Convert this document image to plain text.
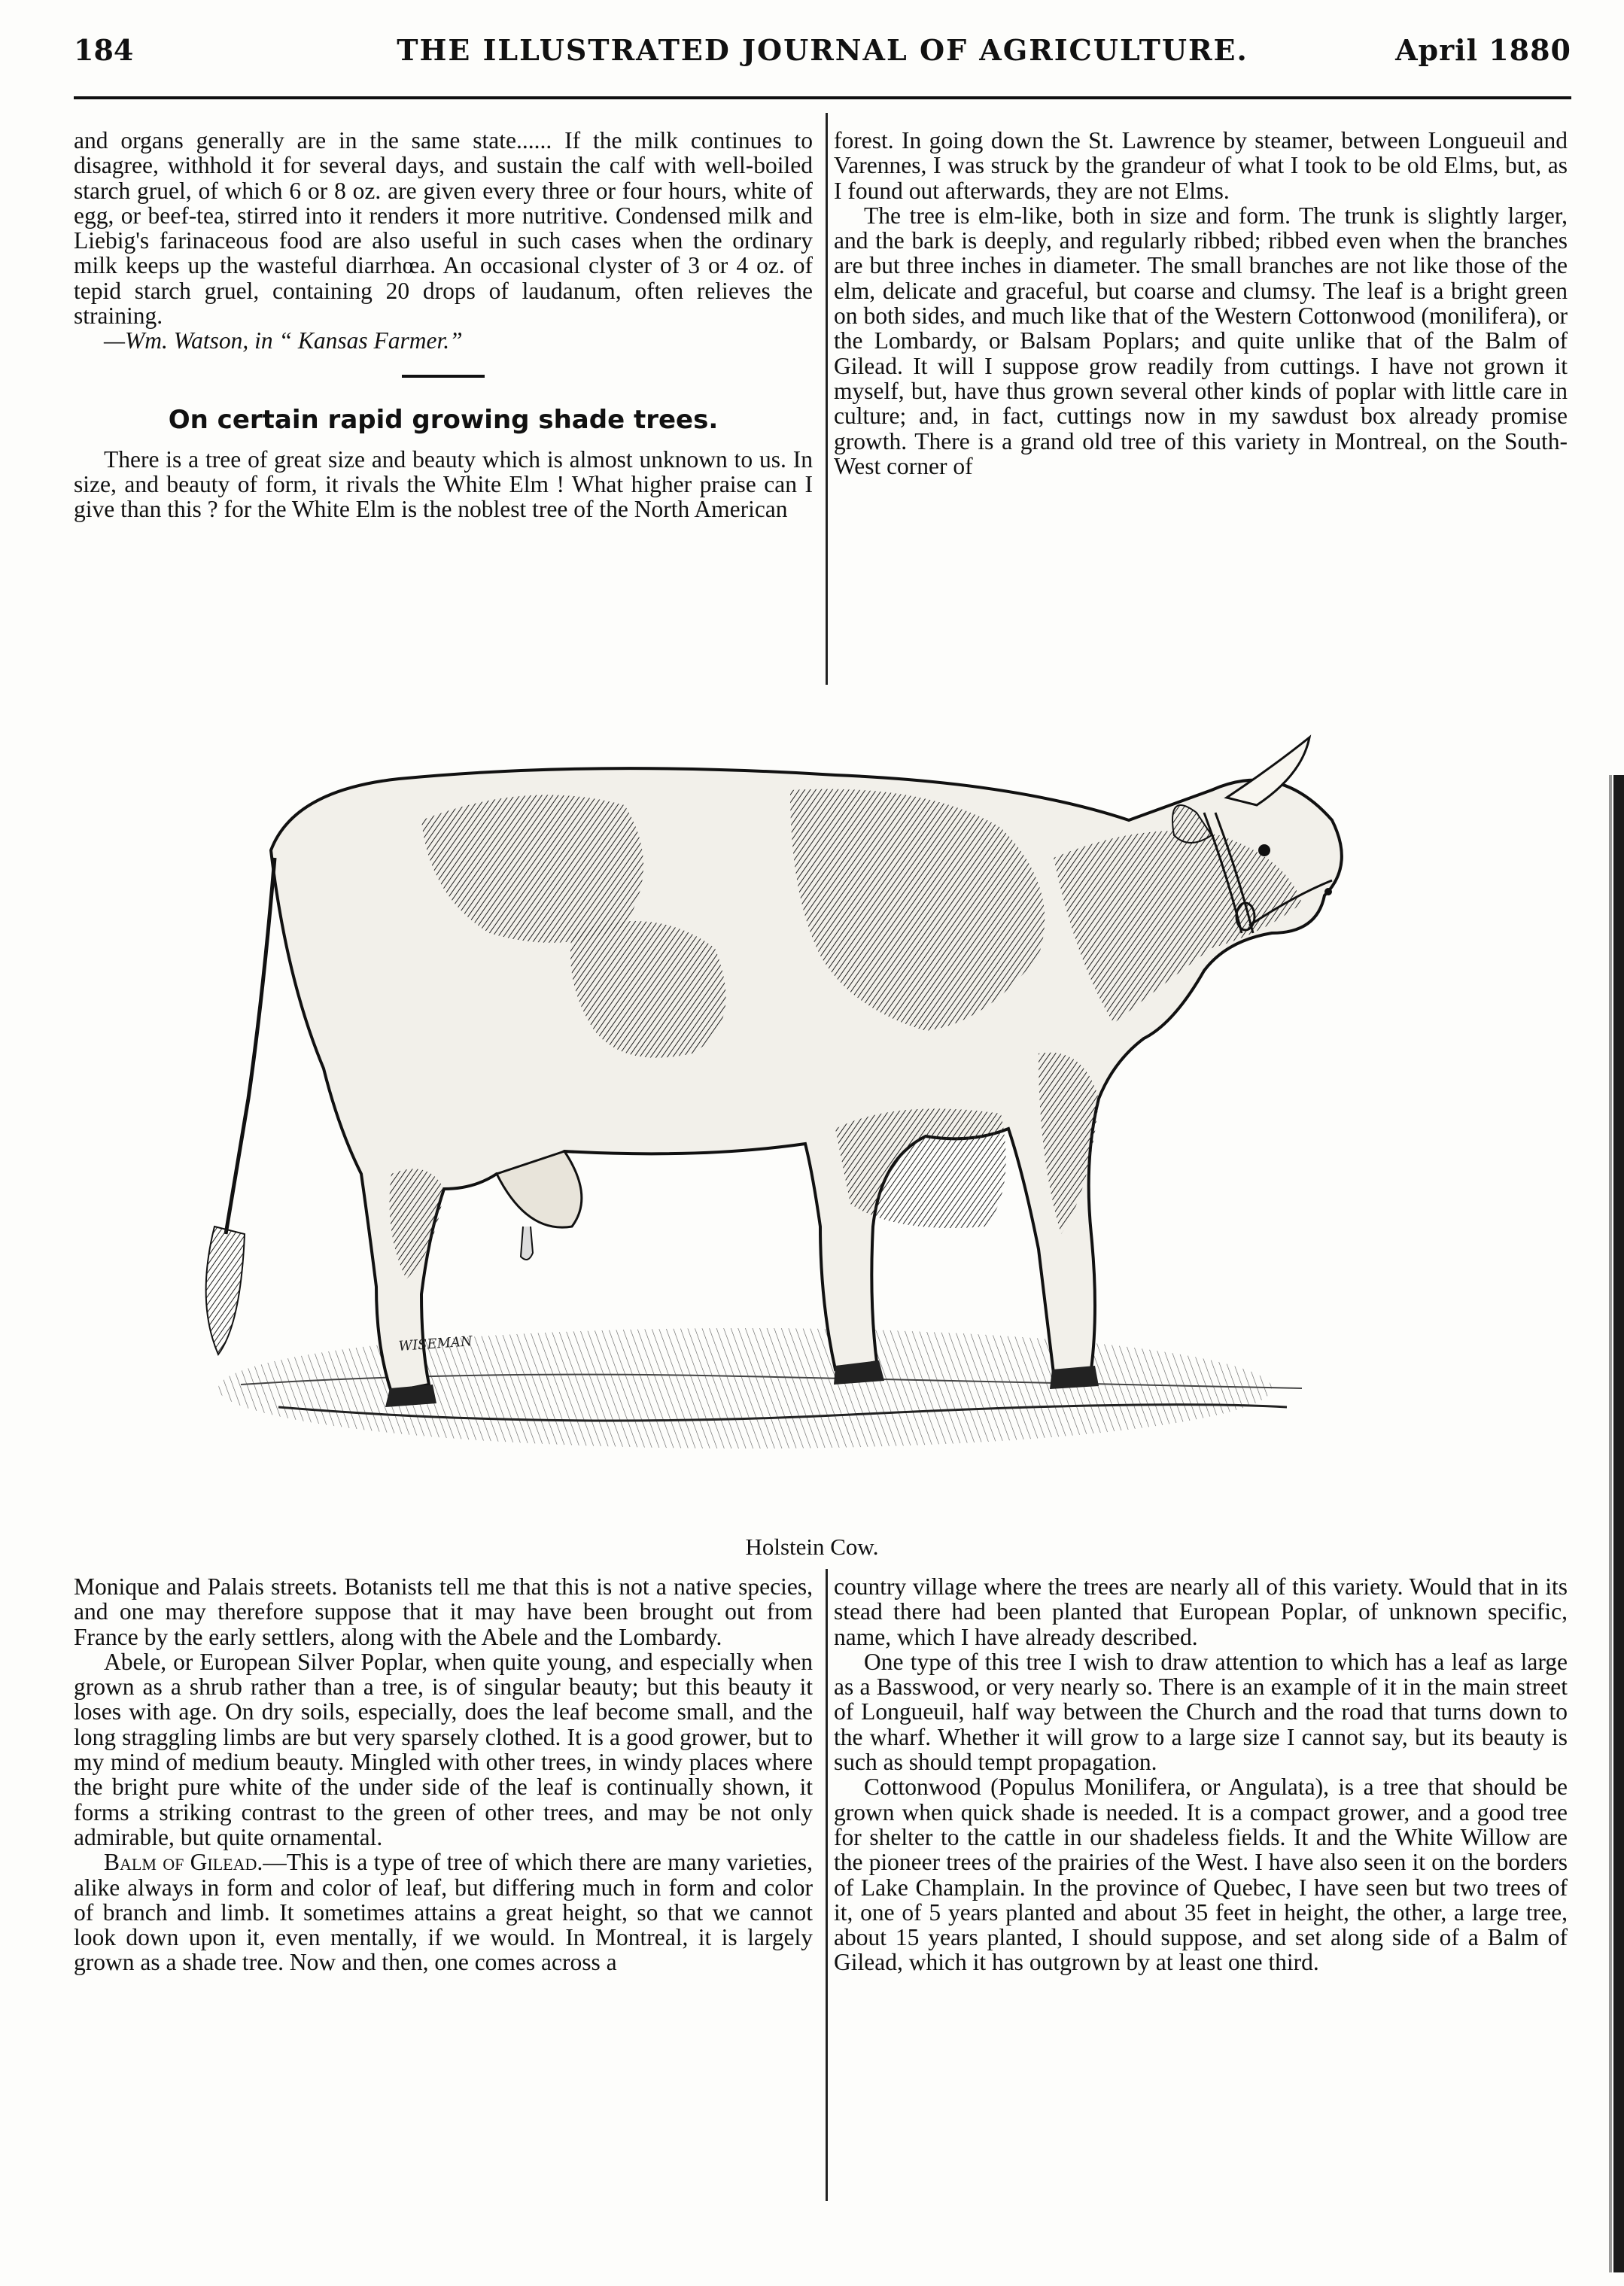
184	THE ILLUSTRATED JOURNAL OF AGRICULTURE.	April 1880

and organs generally are in the same state...... If the milk continues to disagree, withhold it for several days, and sustain the calf with well-boiled starch gruel, of which 6 or 8 oz. are given every three or four hours, white of egg, or beef-tea, stirred into it renders it more nutritive. Condensed milk and Liebig's farinaceous food are also useful in such cases when the ordinary milk keeps up the wasteful diarrhœa. An occasional clyster of 3 or 4 oz. of tepid starch gruel, containing 20 drops of laudanum, often relieves the straining.

—Wm. Watson, in “ Kansas Farmer.”

On certain rapid growing shade trees.

There is a tree of great size and beauty which is almost unknown to us. In size, and beauty of form, it rivals the White Elm ! What higher praise can I give than this ? for the White Elm is the noblest tree of the North American

forest. In going down the St. Lawrence by steamer, between Longueuil and Varennes, I was struck by the grandeur of what I took to be old Elms, but, as I found out afterwards, they are not Elms.

The tree is elm-like, both in size and form. The trunk is slightly larger, and the bark is deeply, and regularly ribbed; ribbed even when the branches are but three inches in diameter. The small branches are not like those of the elm, delicate and graceful, but coarse and clumsy. The leaf is a bright green on both sides, and much like that of the Western Cottonwood (monilifera), or the Lombardy, or Balsam Poplars; and quite unlike that of the Balm of Gilead. It will I suppose grow readily from cuttings. I have not grown it myself, but, have thus grown several other kinds of poplar with little care in culture; and, in fact, cuttings now in my sawdust box already promise growth. There is a grand old tree of this variety in Montreal, on the South-West corner of

WISEMAN
Holstein Cow.

Monique and Palais streets. Botanists tell me that this is not a native species, and one may therefore suppose that it may have been brought out from France by the early settlers, along with the Abele and the Lombardy.

Abele, or European Silver Poplar, when quite young, and especially when grown as a shrub rather than a tree, is of singular beauty; but this beauty it loses with age. On dry soils, especially, does the leaf become small, and the long straggling limbs are but very sparsely clothed. It is a good grower, but to my mind of medium beauty. Mingled with other trees, in windy places where the bright pure white of the under side of the leaf is continually shown, it forms a striking contrast to the green of other trees, and may be not only admirable, but quite ornamental.

Balm of Gilead.—This is a type of tree of which there are many varieties, alike always in form and color of leaf, but differing much in form and color of branch and limb. It sometimes attains a great height, so that we cannot look down upon it, even mentally, if we would. In Montreal, it is largely grown as a shade tree. Now and then, one comes across a

country village where the trees are nearly all of this variety. Would that in its stead there had been planted that European Poplar, of unknown specific, name, which I have already described.

One type of this tree I wish to draw attention to which has a leaf as large as a Basswood, or very nearly so. There is an example of it in the main street of Longueuil, half way between the Church and the road that turns down to the wharf. Whether it will grow to a large size I cannot say, but its beauty is such as should tempt propagation.

Cottonwood (Populus Monilifera, or Angulata), is a tree that should be grown when quick shade is needed. It is a compact grower, and a good tree for shelter to the cattle in our shadeless fields. It and the White Willow are the pioneer trees of the prairies of the West. I have also seen it on the borders of Lake Champlain. In the province of Quebec, I have seen but two trees of it, one of 5 years planted and about 35 feet in height, the other, a large tree, about 15 years planted, I should suppose, and set along side of a Balm of Gilead, which it has outgrown by at least one third.
